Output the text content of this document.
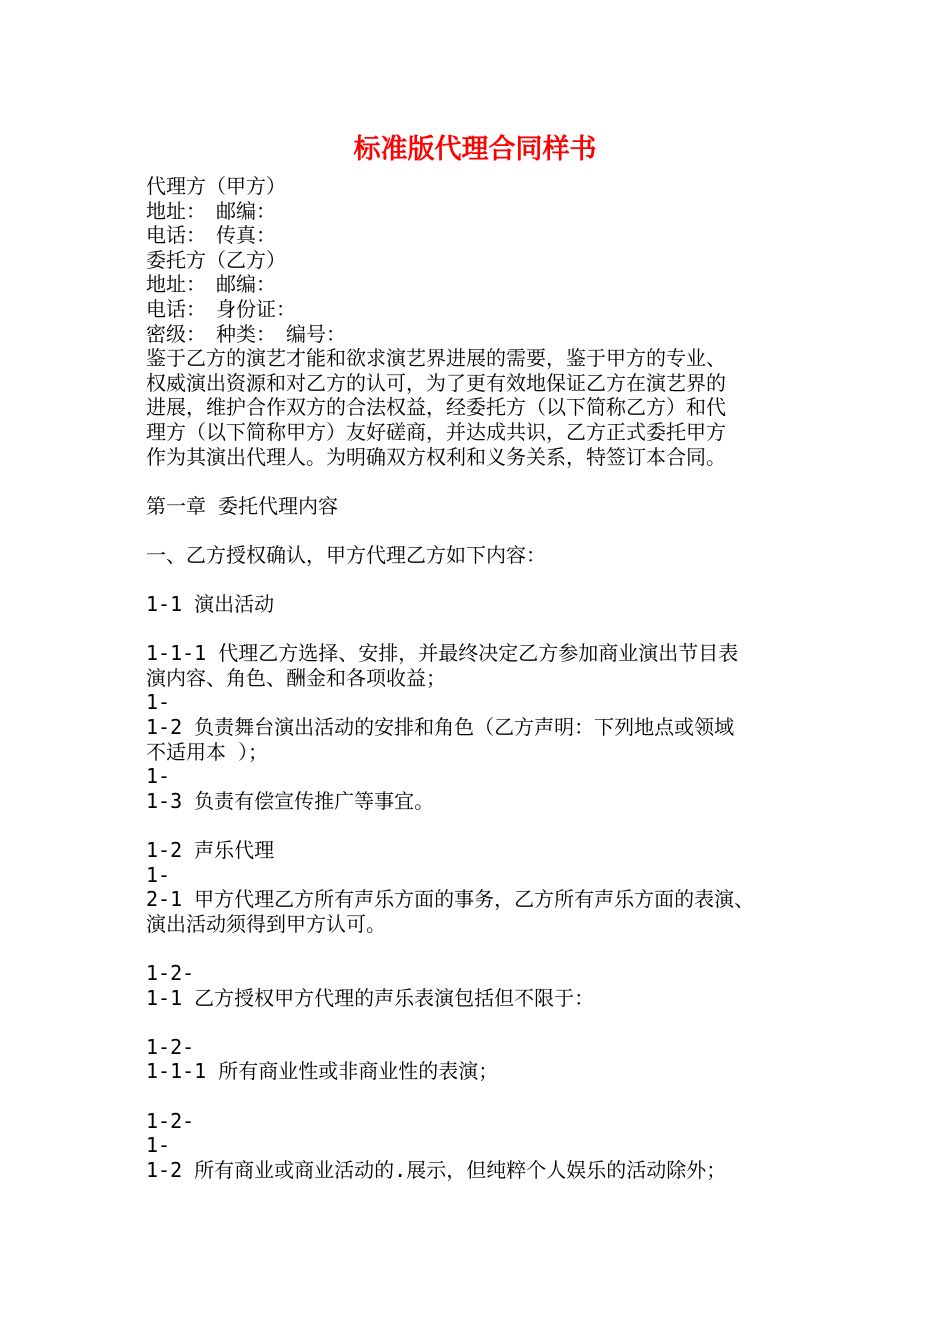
标准版代理合同样书

代理方（甲方）

地址：　邮编：

电话：　传真：

委托方（乙方）

地址：　邮编：

电话：　身份证：

密级：　种类：　编号：

鉴于乙方的演艺才能和欲求演艺界进展的需要，鉴于甲方的专业、

权威演出资源和对乙方的认可，为了更有效地保证乙方在演艺界的

进展，维护合作双方的合法权益，经委托方（以下简称乙方）和代

理方（以下简称甲方）友好磋商，并达成共识，乙方正式委托甲方

作为其演出代理人。为明确双方权利和义务关系，特签订本合同。

第一章 委托代理内容

一、乙方授权确认，甲方代理乙方如下内容：

1-1 演出活动

1-1-1 代理乙方选择、安排，并最终决定乙方参加商业演出节目表

演内容、角色、酬金和各项收益；

1-

1-2 负责舞台演出活动的安排和角色（乙方声明：下列地点或领域

不适用本 ）；

1-

1-3 负责有偿宣传推广等事宜。

1-2 声乐代理

1-

2-1 甲方代理乙方所有声乐方面的事务，乙方所有声乐方面的表演、

演出活动须得到甲方认可。

1-2-

1-1 乙方授权甲方代理的声乐表演包括但不限于：

1-2-

1-1-1 所有商业性或非商业性的表演；

1-2-

1-

1-2 所有商业或商业活动的.展示，但纯粹个人娱乐的活动除外；
